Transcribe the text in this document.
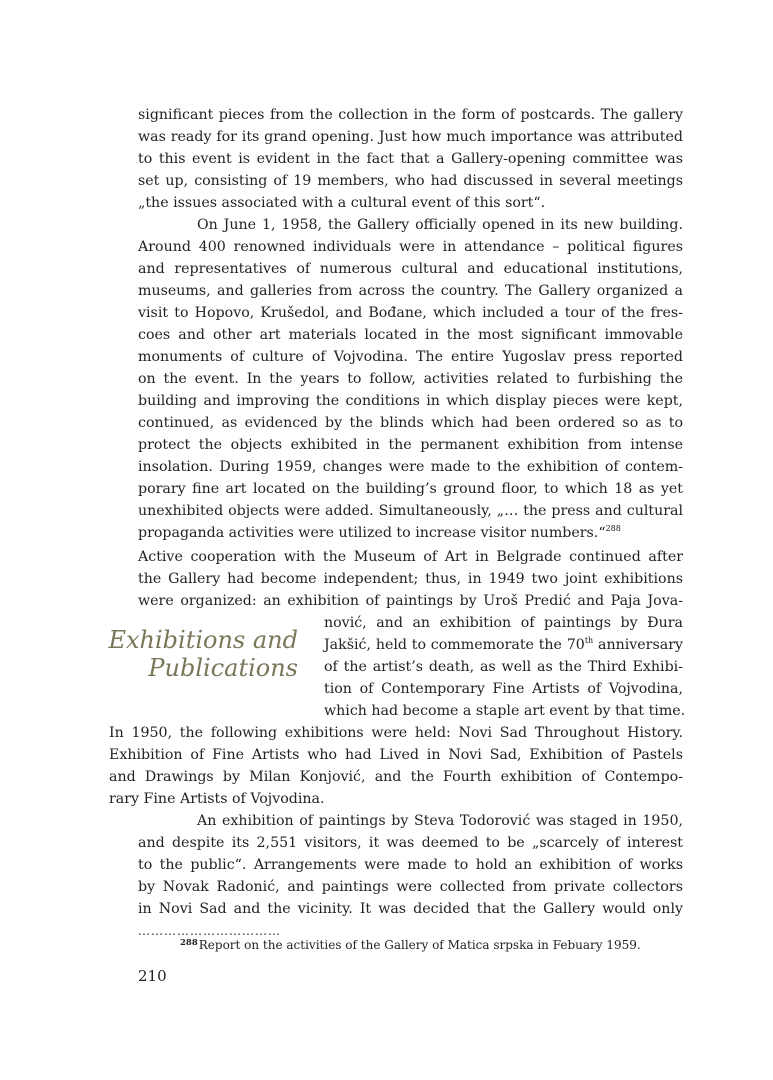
significant pieces from the collection in the form of postcards. The gallery
was ready for its grand opening. Just how much importance was attributed
to this event is evident in the fact that a Gallery-opening committee was
set up, consisting of 19 members, who had discussed in several meetings
„the issues associated with a cultural event of this sort“.
On June 1, 1958, the Gallery officially opened in its new building.
Around 400 renowned individuals were in attendance – political figures
and representatives of numerous cultural and educational institutions,
museums, and galleries from across the country. The Gallery organized a
visit to Hopovo, Krušedol, and Bođane, which included a tour of the fres-
coes and other art materials located in the most significant immovable
monuments of culture of Vojvodina. The entire Yugoslav press reported
on the event. In the years to follow, activities related to furbishing the
building and improving the conditions in which display pieces were kept,
continued, as evidenced by the blinds which had been ordered so as to
protect the objects exhibited in the permanent exhibition from intense
insolation. During 1959, changes were made to the exhibition of contem-
porary fine art located on the building’s ground floor, to which 18 as yet
unexhibited objects were added. Simultaneously, „… the press and cultural
propaganda activities were utilized to increase visitor numbers.“$^{288}$
Exhibitions and
Publications
Active cooperation with the Museum of Art in Belgrade continued after
the Gallery had become independent; thus, in 1949 two joint exhibitions
were organized: an exhibition of paintings by Uroš Predić and Paja Jova-
nović, and an exhibition of paintings by Đura
Jakšić, held to commemorate the 70th anniversary
of the artist’s death, as well as the Third Exhibi-
tion of Contemporary Fine Artists of Vojvodina,
which had become a staple art event by that time.
In 1950, the following exhibitions were held: Novi Sad Throughout History.
Exhibition of Fine Artists who had Lived in Novi Sad, Exhibition of Pastels
and Drawings by Milan Konjović, and the Fourth exhibition of Contempo-
rary Fine Artists of Vojvodina.
An exhibition of paintings by Steva Todorović was staged in 1950,
and despite its 2,551 visitors, it was deemed to be „scarcely of interest
to the public“. Arrangements were made to hold an exhibition of works
by Novak Radonić, and paintings were collected from private collectors
in Novi Sad and the vicinity. It was decided that the Gallery would only
……………………………
$^{288}$Report on the activities of the Gallery of Matica srpska in Febuary 1959.
210
